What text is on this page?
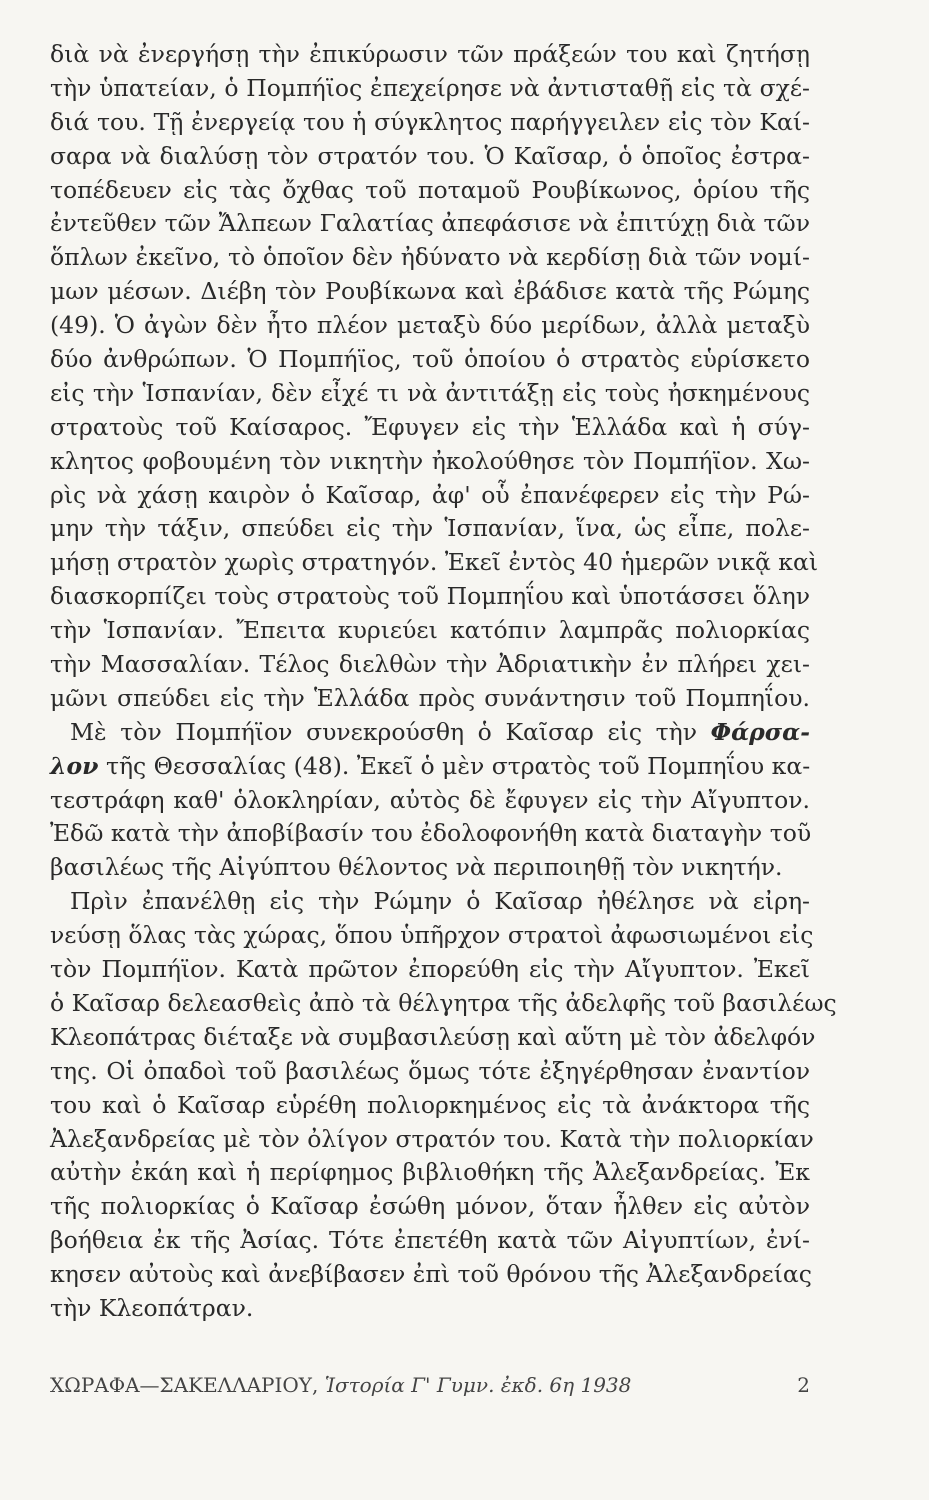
διὰ νὰ ἐνεργήσῃ τὴν ἐπικύρωσιν τῶν πράξεών του καὶ ζητήσῃ
τὴν ὑπατείαν, ὁ Πομπήϊος ἐπεχείρησε νὰ ἀντισταθῇ εἰς τὰ σχέ-
διά του. Τῇ ἐνεργείᾳ του ἡ σύγκλητος παρήγγειλεν εἰς τὸν Καί-
σαρα νὰ διαλύσῃ τὸν στρατόν του. Ὁ Καῖσαρ, ὁ ὁποῖος ἐστρα-
τοπέδευεν εἰς τὰς ὄχθας τοῦ ποταμοῦ Ρουβίκωνος, ὁρίου τῆς
ἐντεῦθεν τῶν Ἄλπεων Γαλατίας ἀπεφάσισε νὰ ἐπιτύχῃ διὰ τῶν
ὅπλων ἐκεῖνο, τὸ ὁποῖον δὲν ἠδύνατο νὰ κερδίσῃ διὰ τῶν νομί-
μων μέσων. Διέβη τὸν Ρουβίκωνα καὶ ἐβάδισε κατὰ τῆς Ρώμης
(49). Ὁ ἀγὼν δὲν ἦτο πλέον μεταξὺ δύο μερίδων, ἀλλὰ μεταξὺ
δύο ἀνθρώπων. Ὁ Πομπήϊος, τοῦ ὁποίου ὁ στρατὸς εὑρίσκετο
εἰς τὴν Ἱσπανίαν, δὲν εἶχέ τι νὰ ἀντιτάξῃ εἰς τοὺς ἠσκημένους
στρατοὺς τοῦ Καίσαρος. Ἔφυγεν εἰς τὴν Ἑλλάδα καὶ ἡ σύγ-
κλητος φοβουμένη τὸν νικητὴν ἠκολούθησε τὸν Πομπήϊον. Χω-
ρὶς νὰ χάσῃ καιρὸν ὁ Καῖσαρ, ἀφ' οὗ ἐπανέφερεν εἰς τὴν Ρώ-
μην τὴν τάξιν, σπεύδει εἰς τὴν Ἱσπανίαν, ἵνα, ὡς εἶπε, πολε-
μήσῃ στρατὸν χωρὶς στρατηγόν. Ἐκεῖ ἐντὸς 40 ἡμερῶν νικᾷ καὶ
διασκορπίζει τοὺς στρατοὺς τοῦ Πομπηΐου καὶ ὑποτάσσει ὅλην
τὴν Ἱσπανίαν. Ἔπειτα κυριεύει κατόπιν λαμπρᾶς πολιορκίας
τὴν Μασσαλίαν. Τέλος διελθὼν τὴν Ἀδριατικὴν ἐν πλήρει χει-
μῶνι σπεύδει εἰς τὴν Ἑλλάδα πρὸς συνάντησιν τοῦ Πομπηΐου.
Μὲ τὸν Πομπήϊον συνεκρούσθη ὁ Καῖσαρ εἰς τὴν Φάρσα-
λον τῆς Θεσσαλίας (48). Ἐκεῖ ὁ μὲν στρατὸς τοῦ Πομπηΐου κα-
τεστράφη καθ' ὁλοκληρίαν, αὐτὸς δὲ ἔφυγεν εἰς τὴν Αἴγυπτον.
Ἐδῶ κατὰ τὴν ἀποβίβασίν του ἐδολοφονήθη κατὰ διαταγὴν τοῦ
βασιλέως τῆς Αἰγύπτου θέλοντος νὰ περιποιηθῇ τὸν νικητήν.
Πρὶν ἐπανέλθῃ εἰς τὴν Ρώμην ὁ Καῖσαρ ἠθέλησε νὰ εἰρη-
νεύσῃ ὅλας τὰς χώρας, ὅπου ὑπῆρχον στρατοὶ ἀφωσιωμένοι εἰς
τὸν Πομπήϊον. Κατὰ πρῶτον ἐπορεύθη εἰς τὴν Αἴγυπτον. Ἐκεῖ
ὁ Καῖσαρ δελεασθεὶς ἀπὸ τὰ θέλγητρα τῆς ἀδελφῆς τοῦ βασιλέως
Κλεοπάτρας διέταξε νὰ συμβασιλεύσῃ καὶ αὕτη μὲ τὸν ἀδελφόν
της. Οἱ ὀπαδοὶ τοῦ βασιλέως ὅμως τότε ἐξηγέρθησαν ἐναντίον
του καὶ ὁ Καῖσαρ εὑρέθη πολιορκημένος εἰς τὰ ἀνάκτορα τῆς
Ἀλεξανδρείας μὲ τὸν ὀλίγον στρατόν του. Κατὰ τὴν πολιορκίαν
αὐτὴν ἐκάη καὶ ἡ περίφημος βιβλιοθήκη τῆς Ἀλεξανδρείας. Ἐκ
τῆς πολιορκίας ὁ Καῖσαρ ἐσώθη μόνον, ὅταν ἦλθεν εἰς αὐτὸν
βοήθεια ἐκ τῆς Ἀσίας. Τότε ἐπετέθη κατὰ τῶν Αἰγυπτίων, ἐνί-
κησεν αὐτοὺς καὶ ἀνεβίβασεν ἐπὶ τοῦ θρόνου τῆς Ἀλεξανδρείας
τὴν Κλεοπάτραν.
ΧΩΡΑΦΑ—ΣΑΚΕΛΛΑΡΙΟΥ, Ἱστορία Γ' Γυμν. ἐκδ. 6η 1938	2
